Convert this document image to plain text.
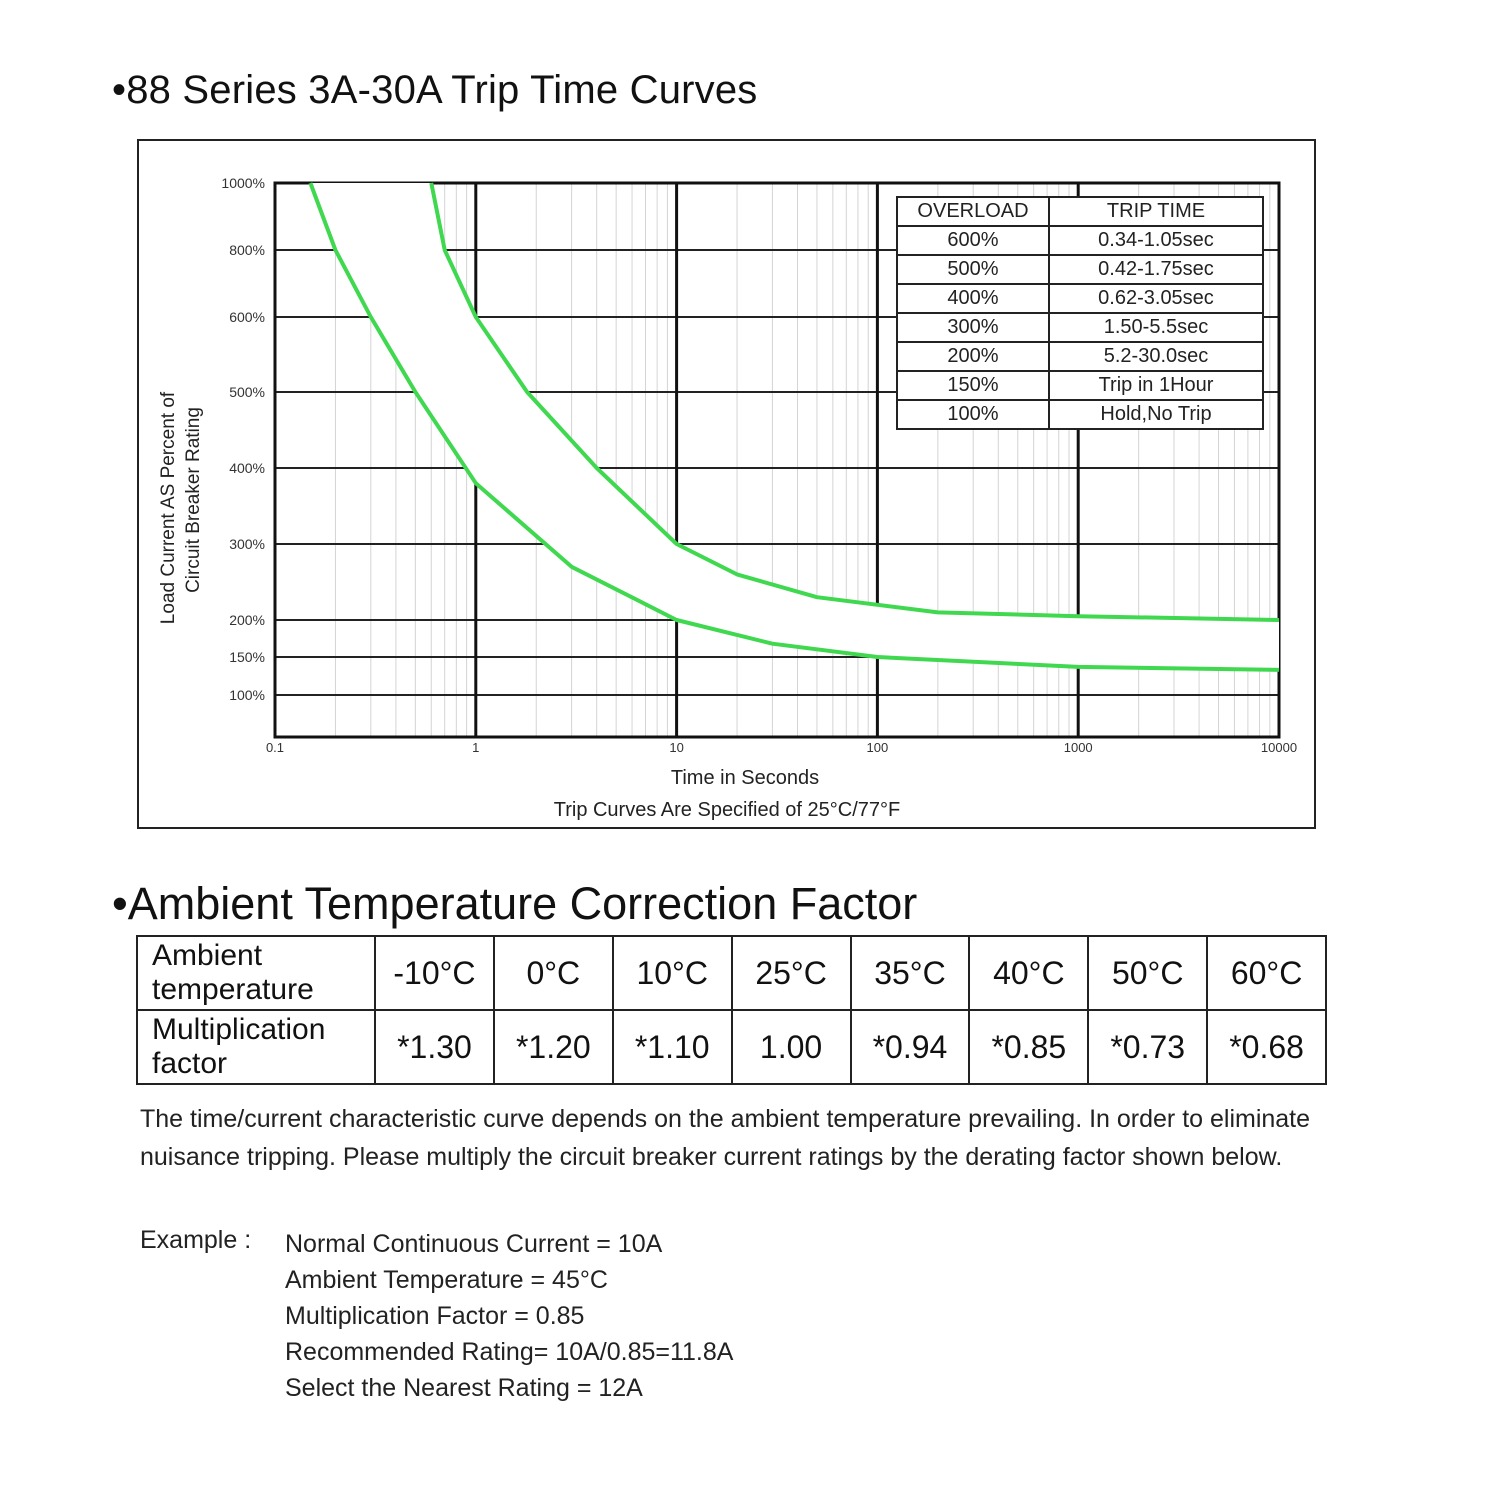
•88 Series 3A-30A Trip Time Curves
100%
150%
200%
300%
400%
500%
600%
800%
1000%
0.1	1	10	100	1000	10000
Time in Seconds
Trip Curves Are Specified of 25°C/77°F
Load Current AS Percent of Circuit Breaker Rating
OVERLOAD	TRIP TIME
600%	0.34-1.05sec
500%	0.42-1.75sec
400%	0.62-3.05sec
300%	1.50-5.5sec
200%	5.2-30.0sec
150%	Trip in 1Hour
100%	Hold,No Trip
•Ambient Temperature Correction Factor
Ambient temperature	-10°C	0°C	10°C	25°C	35°C	40°C	50°C	60°C
Multiplication factor	*1.30	*1.20	*1.10	1.00	*0.94	*0.85	*0.73	*0.68
The time/current characteristic curve depends on the ambient temperature prevailing. In order to eliminate nuisance tripping. Please multiply the circuit breaker current ratings by the derating factor shown below.
Example : Normal Continuous Current = 10A
Ambient Temperature = 45°C
Multiplication Factor = 0.85
Recommended Rating= 10A/0.85=11.8A
Select the Nearest Rating = 12A
